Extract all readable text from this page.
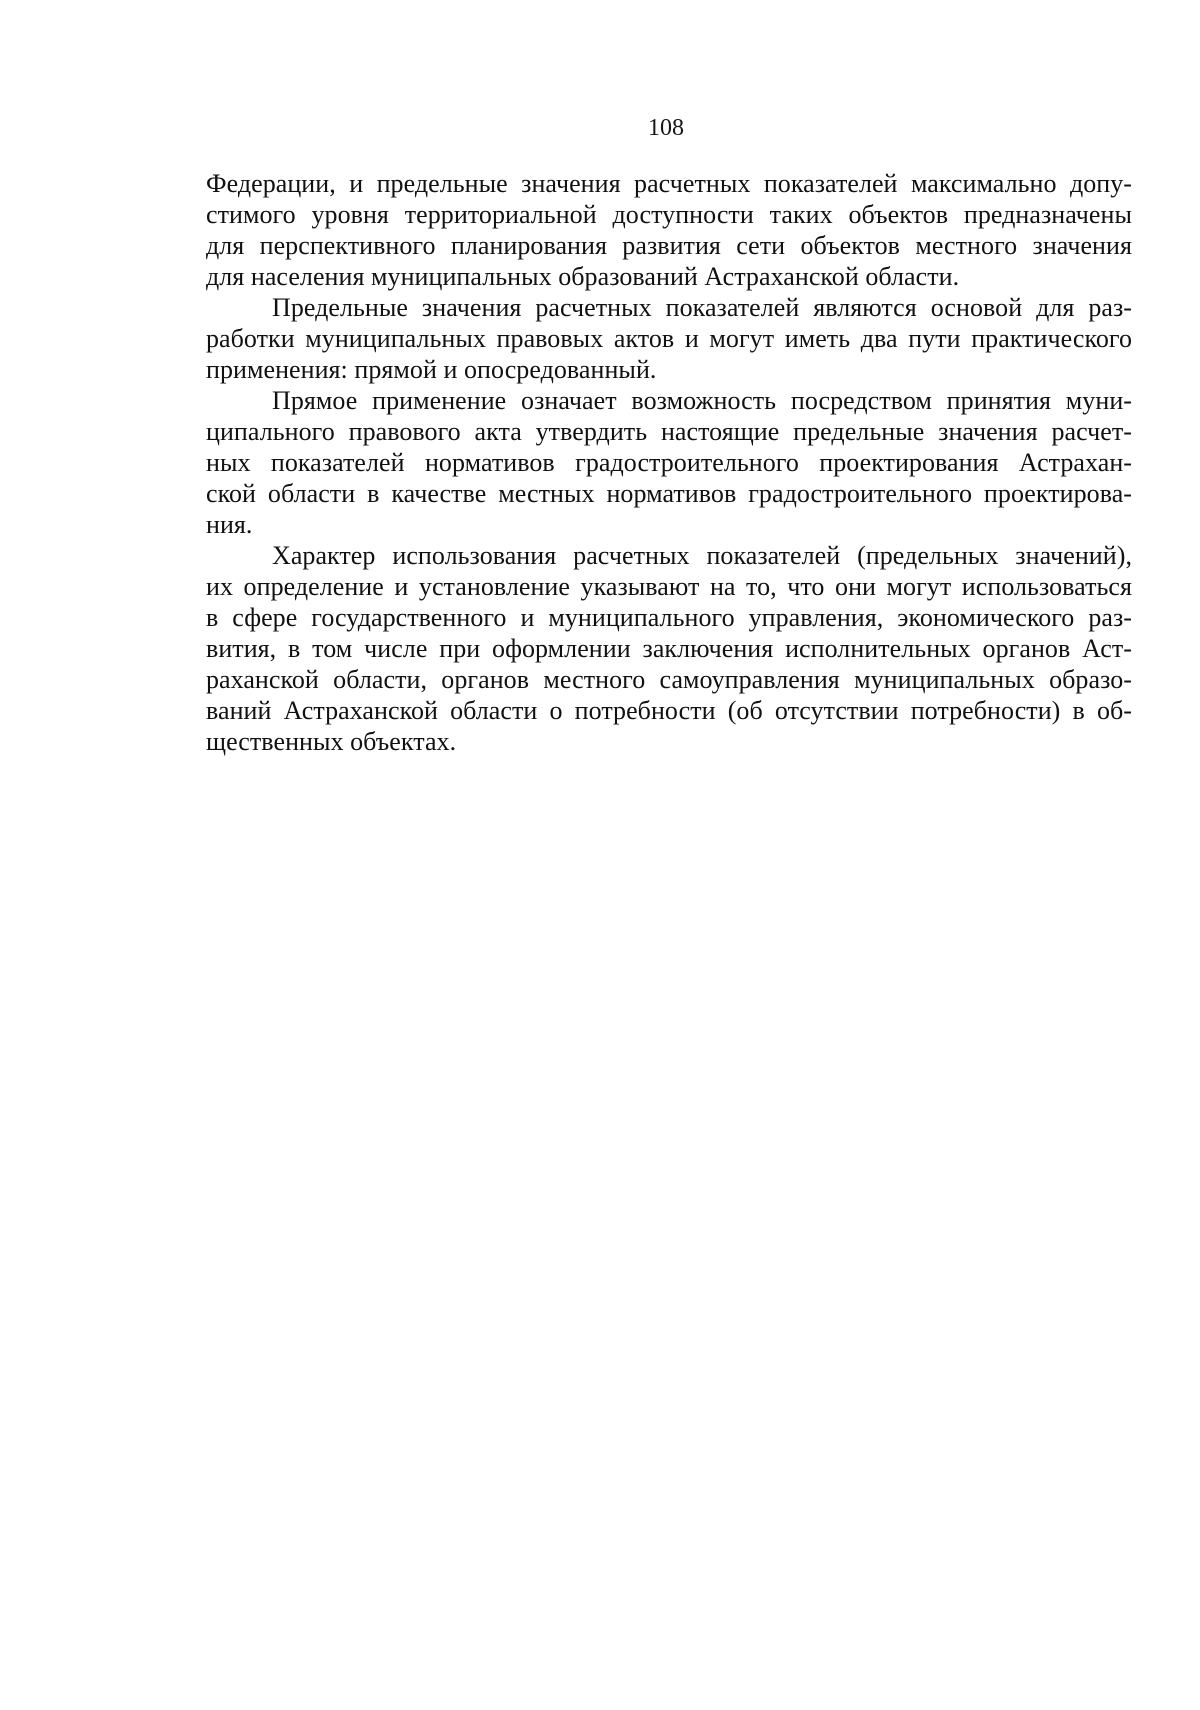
108

Федерации, и предельные значения расчетных показателей максимально допу-
стимого уровня территориальной доступности таких объектов предназначены
для перспективного планирования развития сети объектов местного значения
для населения муниципальных образований Астраханской области.

Предельные значения расчетных показателей являются основой для раз-
работки муниципальных правовых актов и могут иметь два пути практического
применения: прямой и опосредованный.

Прямое применение означает возможность посредством принятия муни-
ципального правового акта утвердить настоящие предельные значения расчет-
ных показателей нормативов градостроительного проектирования Астрахан-
ской области в качестве местных нормативов градостроительного проектирова-
ния.

Характер использования расчетных показателей (предельных значений),
их определение и установление указывают на то, что они могут использоваться
в сфере государственного и муниципального управления, экономического раз-
вития, в том числе при оформлении заключения исполнительных органов Аст-
раханской области, органов местного самоуправления муниципальных образо-
ваний Астраханской области о потребности (об отсутствии потребности) в об-
щественных объектах.
